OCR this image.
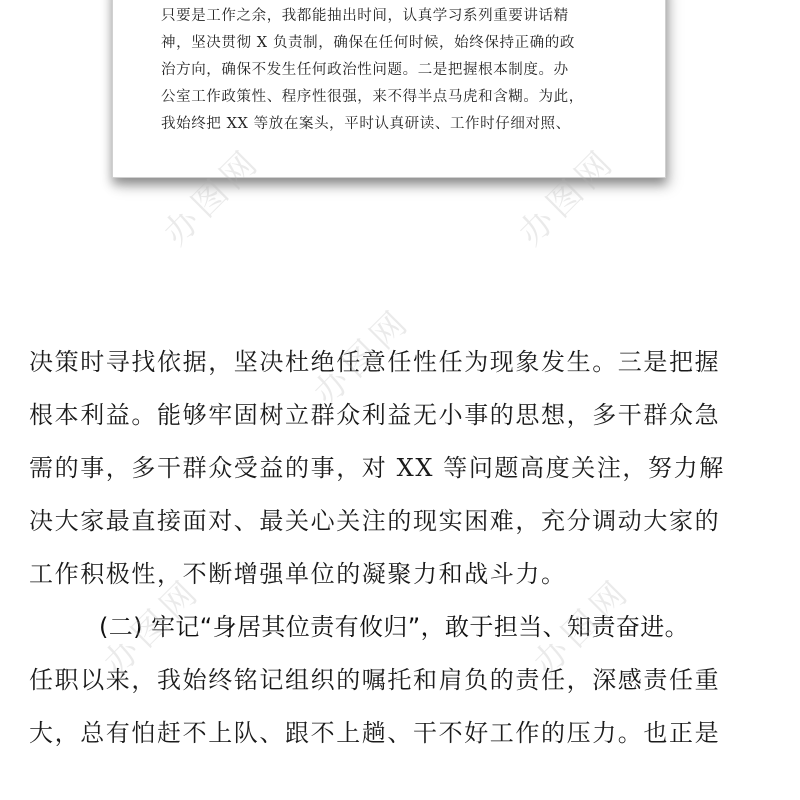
只要是工作之余，我都能抽出时间，认真学习系列重要讲话精
神，坚决贯彻 X 负责制，确保在任何时候，始终保持正确的政
治方向，确保不发生任何政治性问题。二是把握根本制度。办
公室工作政策性、程序性很强，来不得半点马虎和含糊。为此，
我始终把 XX 等放在案头，平时认真研读、工作时仔细对照、
决策时寻找依据，坚决杜绝任意任性任为现象发生。三是把握
根本利益。能够牢固树立群众利益无小事的思想，多干群众急
需的事，多干群众受益的事，对 XX 等问题高度关注，努力解
决大家最直接面对、最关心关注的现实困难，充分调动大家的
工作积极性，不断增强单位的凝聚力和战斗力。
(二) 牢记“身居其位责有攸归”，敢于担当、知责奋进。
任职以来，我始终铭记组织的嘱托和肩负的责任，深感责任重
大，总有怕赶不上队、跟不上趟、干不好工作的压力。也正是
办图网	办图网
办图网
办图网
办图网
